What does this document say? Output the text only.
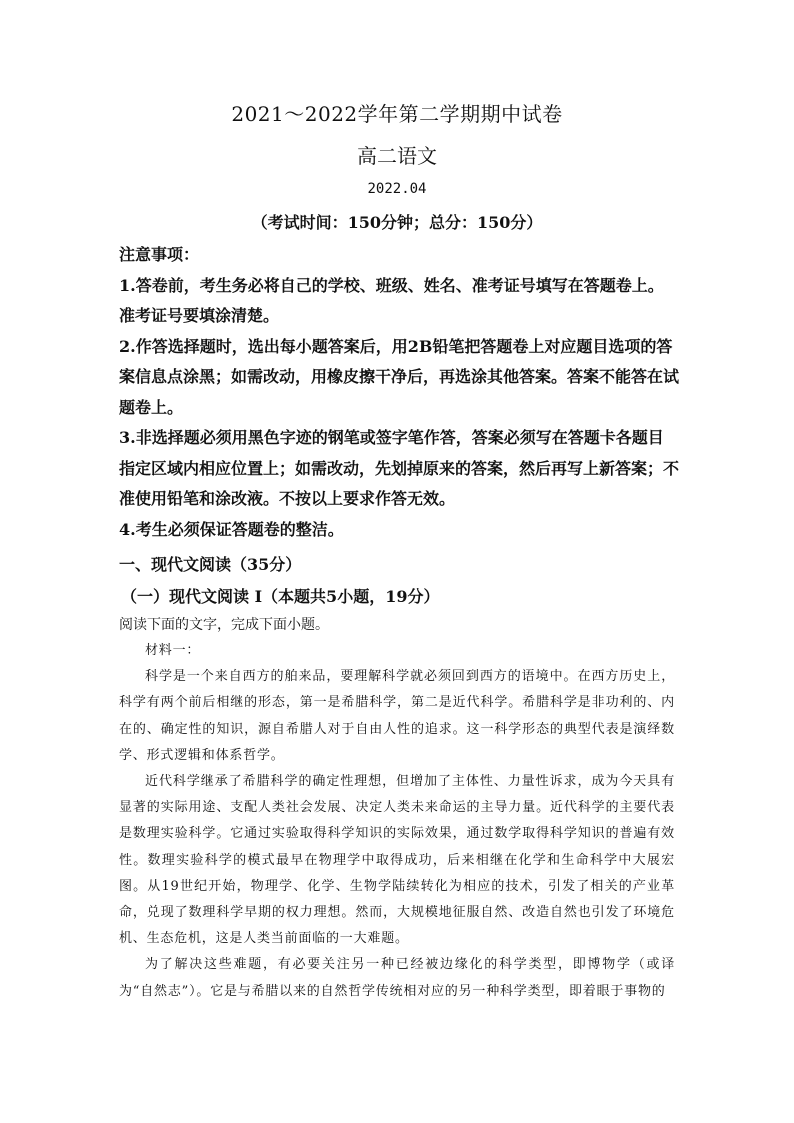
2021～2022学年第二学期期中试卷
高二语文
2022.04
（考试时间：150分钟；总分：150分）

注意事项：

1.答卷前，考生务必将自己的学校、班级、姓名、准考证号填写在答题卷上。准考证号要填涂清楚。

2.作答选择题时，选出每小题答案后，用2B铅笔把答题卷上对应题目选项的答案信息点涂黑；如需改动，用橡皮擦干净后，再选涂其他答案。答案不能答在试题卷上。

3.非选择题必须用黑色字迹的钢笔或签字笔作答，答案必须写在答题卡各题目指定区域内相应位置上；如需改动，先划掉原来的答案，然后再写上新答案；不准使用铅笔和涂改液。不按以上要求作答无效。

4.考生必须保证答题卷的整洁。

一、现代文阅读（35分）
（一）现代文阅读 I（本题共5小题，19分）
阅读下面的文字，完成下面小题。

材料一：

科学是一个来自西方的舶来品，要理解科学就必须回到西方的语境中。在西方历史上，科学有两个前后相继的形态，第一是希腊科学，第二是近代科学。希腊科学是非功利的、内在的、确定性的知识，源自希腊人对于自由人性的追求。这一科学形态的典型代表是演绎数学、形式逻辑和体系哲学。

近代科学继承了希腊科学的确定性理想，但增加了主体性、力量性诉求，成为今天具有显著的实际用途、支配人类社会发展、决定人类未来命运的主导力量。近代科学的主要代表是数理实验科学。它通过实验取得科学知识的实际效果，通过数学取得科学知识的普遍有效性。数理实验科学的模式最早在物理学中取得成功，后来相继在化学和生命科学中大展宏图。从19世纪开始，物理学、化学、生物学陆续转化为相应的技术，引发了相关的产业革命，兑现了数理科学早期的权力理想。然而，大规模地征服自然、改造自然也引发了环境危机、生态危机，这是人类当前面临的一大难题。

为了解决这些难题，有必要关注另一种已经被边缘化的科学类型，即博物学（或译为“自然志”）。它是与希腊以来的自然哲学传统相对应的另一种科学类型，即着眼于事物的
